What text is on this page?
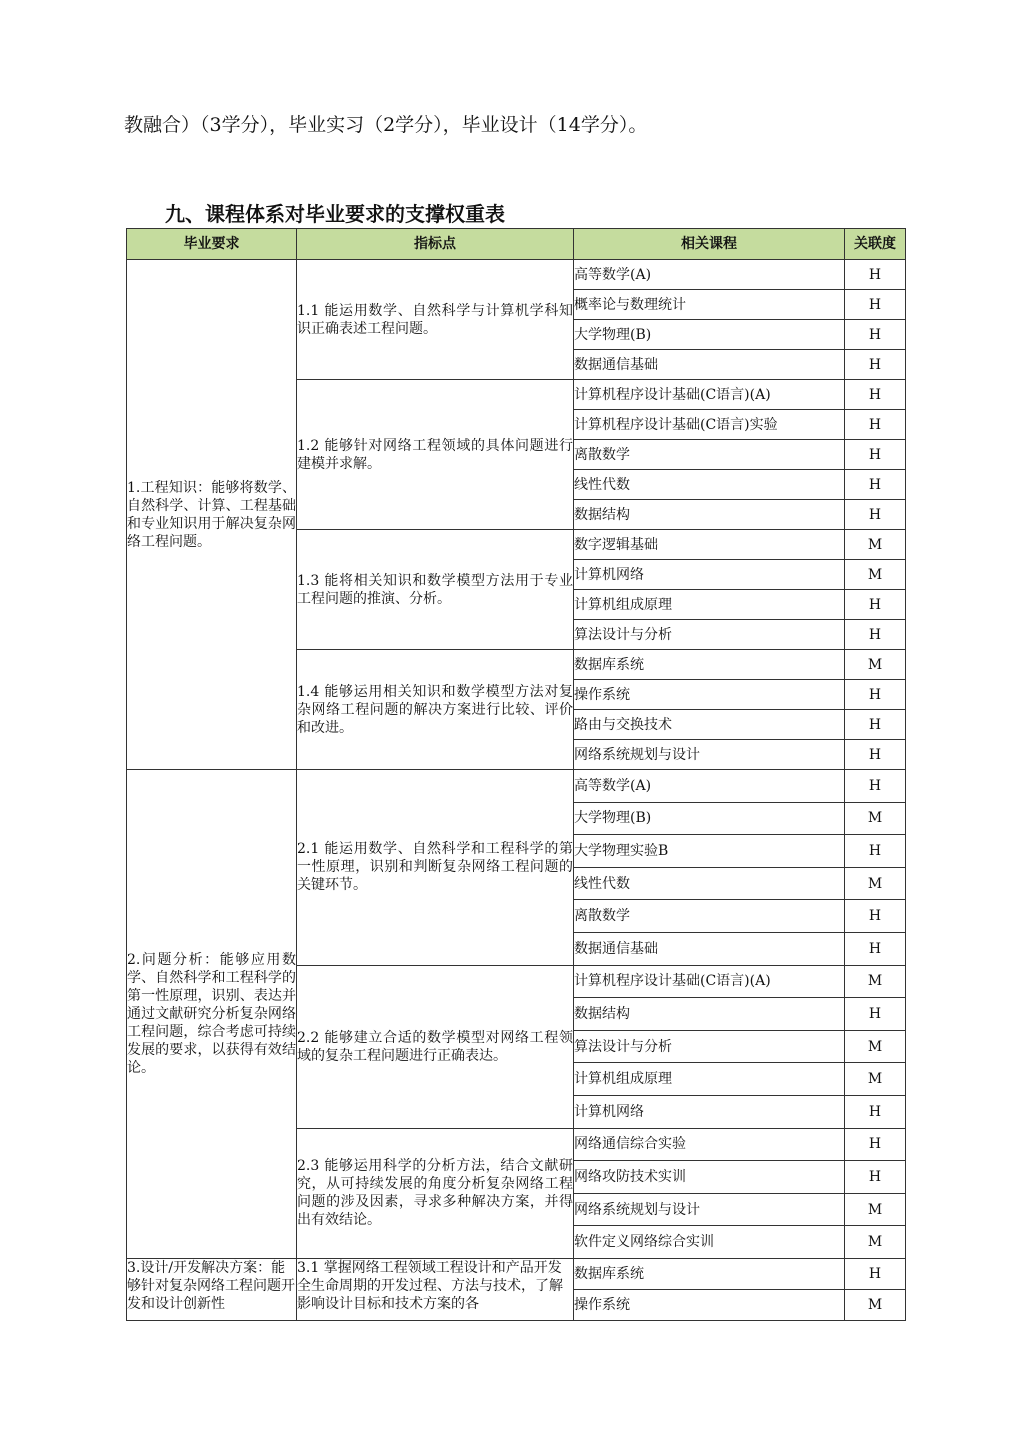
教融合）（3学分），毕业实习（2学分），毕业设计（14学分）。
九、课程体系对毕业要求的支撑权重表
毕业要求	指标点	相关课程	关联度
1.工程知识：能够将数学、自然科学、计算、工程基础和专业知识用于解决复杂网络工程问题。	1.1 能运用数学、自然科学与计算机学科知识正确表述工程问题。	高等数学(A)	H
		概率论与数理统计	H
		大学物理(B)	H
		数据通信基础	H
	1.2 能够针对网络工程领域的具体问题进行建模并求解。	计算机程序设计基础(C语言)(A)	H
		计算机程序设计基础(C语言)实验	H
		离散数学	H
		线性代数	H
		数据结构	H
	1.3 能将相关知识和数学模型方法用于专业工程问题的推演、分析。	数字逻辑基础	M
		计算机网络	M
		计算机组成原理	H
		算法设计与分析	H
	1.4 能够运用相关知识和数学模型方法对复杂网络工程问题的解决方案进行比较、评价和改进。	数据库系统	M
		操作系统	H
		路由与交换技术	H
		网络系统规划与设计	H
2.问题分析：能够应用数学、自然科学和工程科学的第一性原理，识别、表达并通过文献研究分析复杂网络工程问题，综合考虑可持续发展的要求，以获得有效结论。	2.1 能运用数学、自然科学和工程科学的第一性原理，识别和判断复杂网络工程问题的关键环节。	高等数学(A)	H
		大学物理(B)	M
		大学物理实验B	H
		线性代数	M
		离散数学	H
		数据通信基础	H
	2.2 能够建立合适的数学模型对网络工程领域的复杂工程问题进行正确表达。	计算机程序设计基础(C语言)(A)	M
		数据结构	H
		算法设计与分析	M
		计算机组成原理	M
		计算机网络	H
	2.3 能够运用科学的分析方法，结合文献研究，从可持续发展的角度分析复杂网络工程问题的涉及因素，寻求多种解决方案，并得出有效结论。	网络通信综合实验	H
		网络攻防技术实训	H
		网络系统规划与设计	M
		软件定义网络综合实训	M

3.设计/开发解决方案：能够针对复杂网络工程问题开发和设计创新性	3.1 掌握网络工程领域工程设计和产品开发全生命周期的开发过程、方法与技术，了解影响设计目标和技术方案的各	数据库系统	H
		操作系统	M
